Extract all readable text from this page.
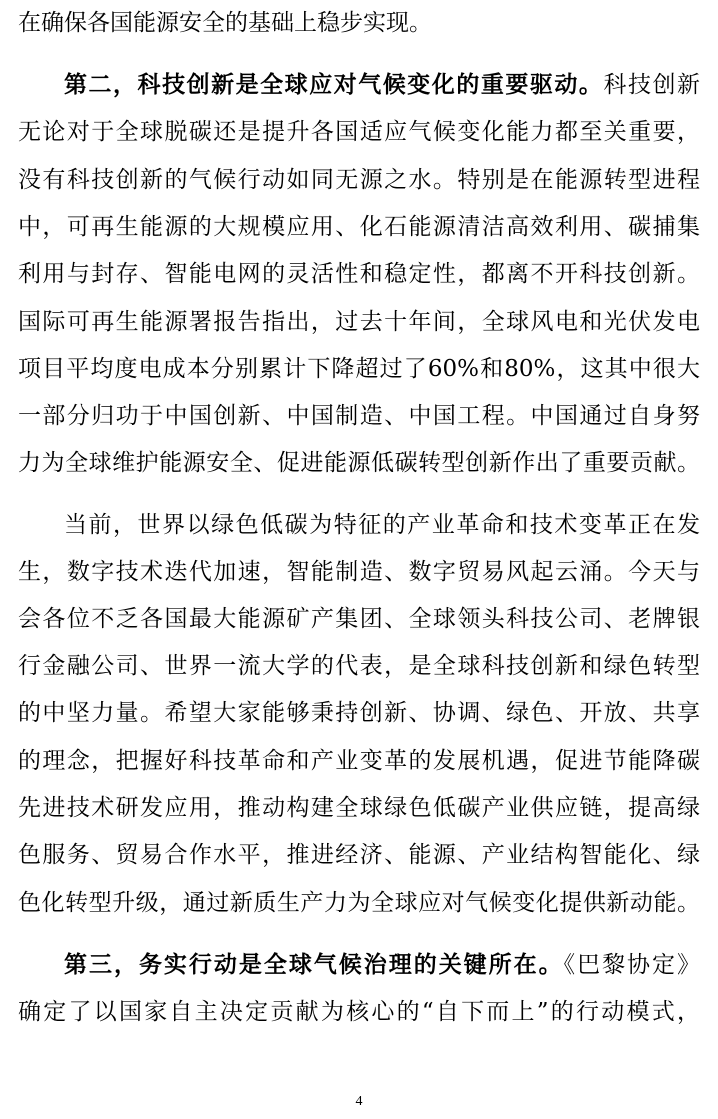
在确保各国能源安全的基础上稳步实现。
第二，科技创新是全球应对气候变化的重要驱动。科技创新
无论对于全球脱碳还是提升各国适应气候变化能力都至关重要，
没有科技创新的气候行动如同无源之水。特别是在能源转型进程
中，可再生能源的大规模应用、化石能源清洁高效利用、碳捕集
利用与封存、智能电网的灵活性和稳定性，都离不开科技创新。
国际可再生能源署报告指出，过去十年间，全球风电和光伏发电
项目平均度电成本分别累计下降超过了60%和80%，这其中很大
一部分归功于中国创新、中国制造、中国工程。中国通过自身努
力为全球维护能源安全、促进能源低碳转型创新作出了重要贡献。
当前，世界以绿色低碳为特征的产业革命和技术变革正在发
生，数字技术迭代加速，智能制造、数字贸易风起云涌。今天与
会各位不乏各国最大能源矿产集团、全球领头科技公司、老牌银
行金融公司、世界一流大学的代表，是全球科技创新和绿色转型
的中坚力量。希望大家能够秉持创新、协调、绿色、开放、共享
的理念，把握好科技革命和产业变革的发展机遇，促进节能降碳
先进技术研发应用，推动构建全球绿色低碳产业供应链，提高绿
色服务、贸易合作水平，推进经济、能源、产业结构智能化、绿
色化转型升级，通过新质生产力为全球应对气候变化提供新动能。
第三，务实行动是全球气候治理的关键所在。《巴黎协定》
确定了以国家自主决定贡献为核心的“自下而上”的行动模式，
4
